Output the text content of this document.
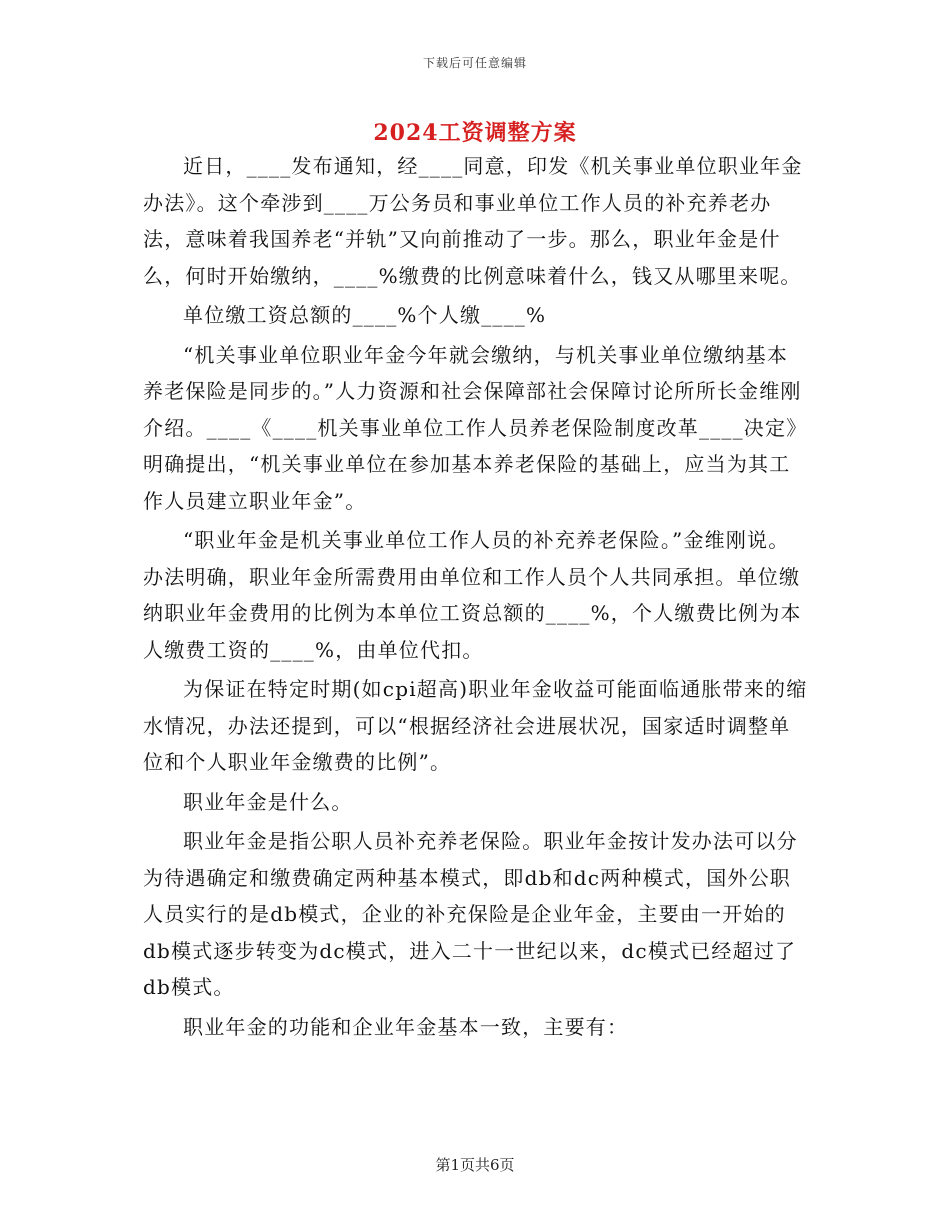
下载后可任意编辑
2024工资调整方案

近日，____发布通知，经____同意，印发《机关事业单位职业年金办法》。这个牵涉到____万公务员和事业单位工作人员的补充养老办法，意味着我国养老“并轨”又向前推动了一步。那么，职业年金是什么，何时开始缴纳，____%缴费的比例意味着什么，钱又从哪里来呢。

单位缴工资总额的____%个人缴____%

“机关事业单位职业年金今年就会缴纳，与机关事业单位缴纳基本养老保险是同步的。”人力资源和社会保障部社会保障讨论所所长金维刚介绍。____《____机关事业单位工作人员养老保险制度改革____决定》明确提出，“机关事业单位在参加基本养老保险的基础上，应当为其工作人员建立职业年金”。

“职业年金是机关事业单位工作人员的补充养老保险。”金维刚说。办法明确，职业年金所需费用由单位和工作人员个人共同承担。单位缴纳职业年金费用的比例为本单位工资总额的____%，个人缴费比例为本人缴费工资的____%，由单位代扣。

为保证在特定时期(如cpi超高)职业年金收益可能面临通胀带来的缩水情况，办法还提到，可以“根据经济社会进展状况，国家适时调整单位和个人职业年金缴费的比例”。

职业年金是什么。

职业年金是指公职人员补充养老保险。职业年金按计发办法可以分为待遇确定和缴费确定两种基本模式，即db和dc两种模式，国外公职人员实行的是db模式，企业的补充保险是企业年金，主要由一开始的db模式逐步转变为dc模式，进入二十一世纪以来，dc模式已经超过了db模式。

职业年金的功能和企业年金基本一致，主要有：

第1页共6页
